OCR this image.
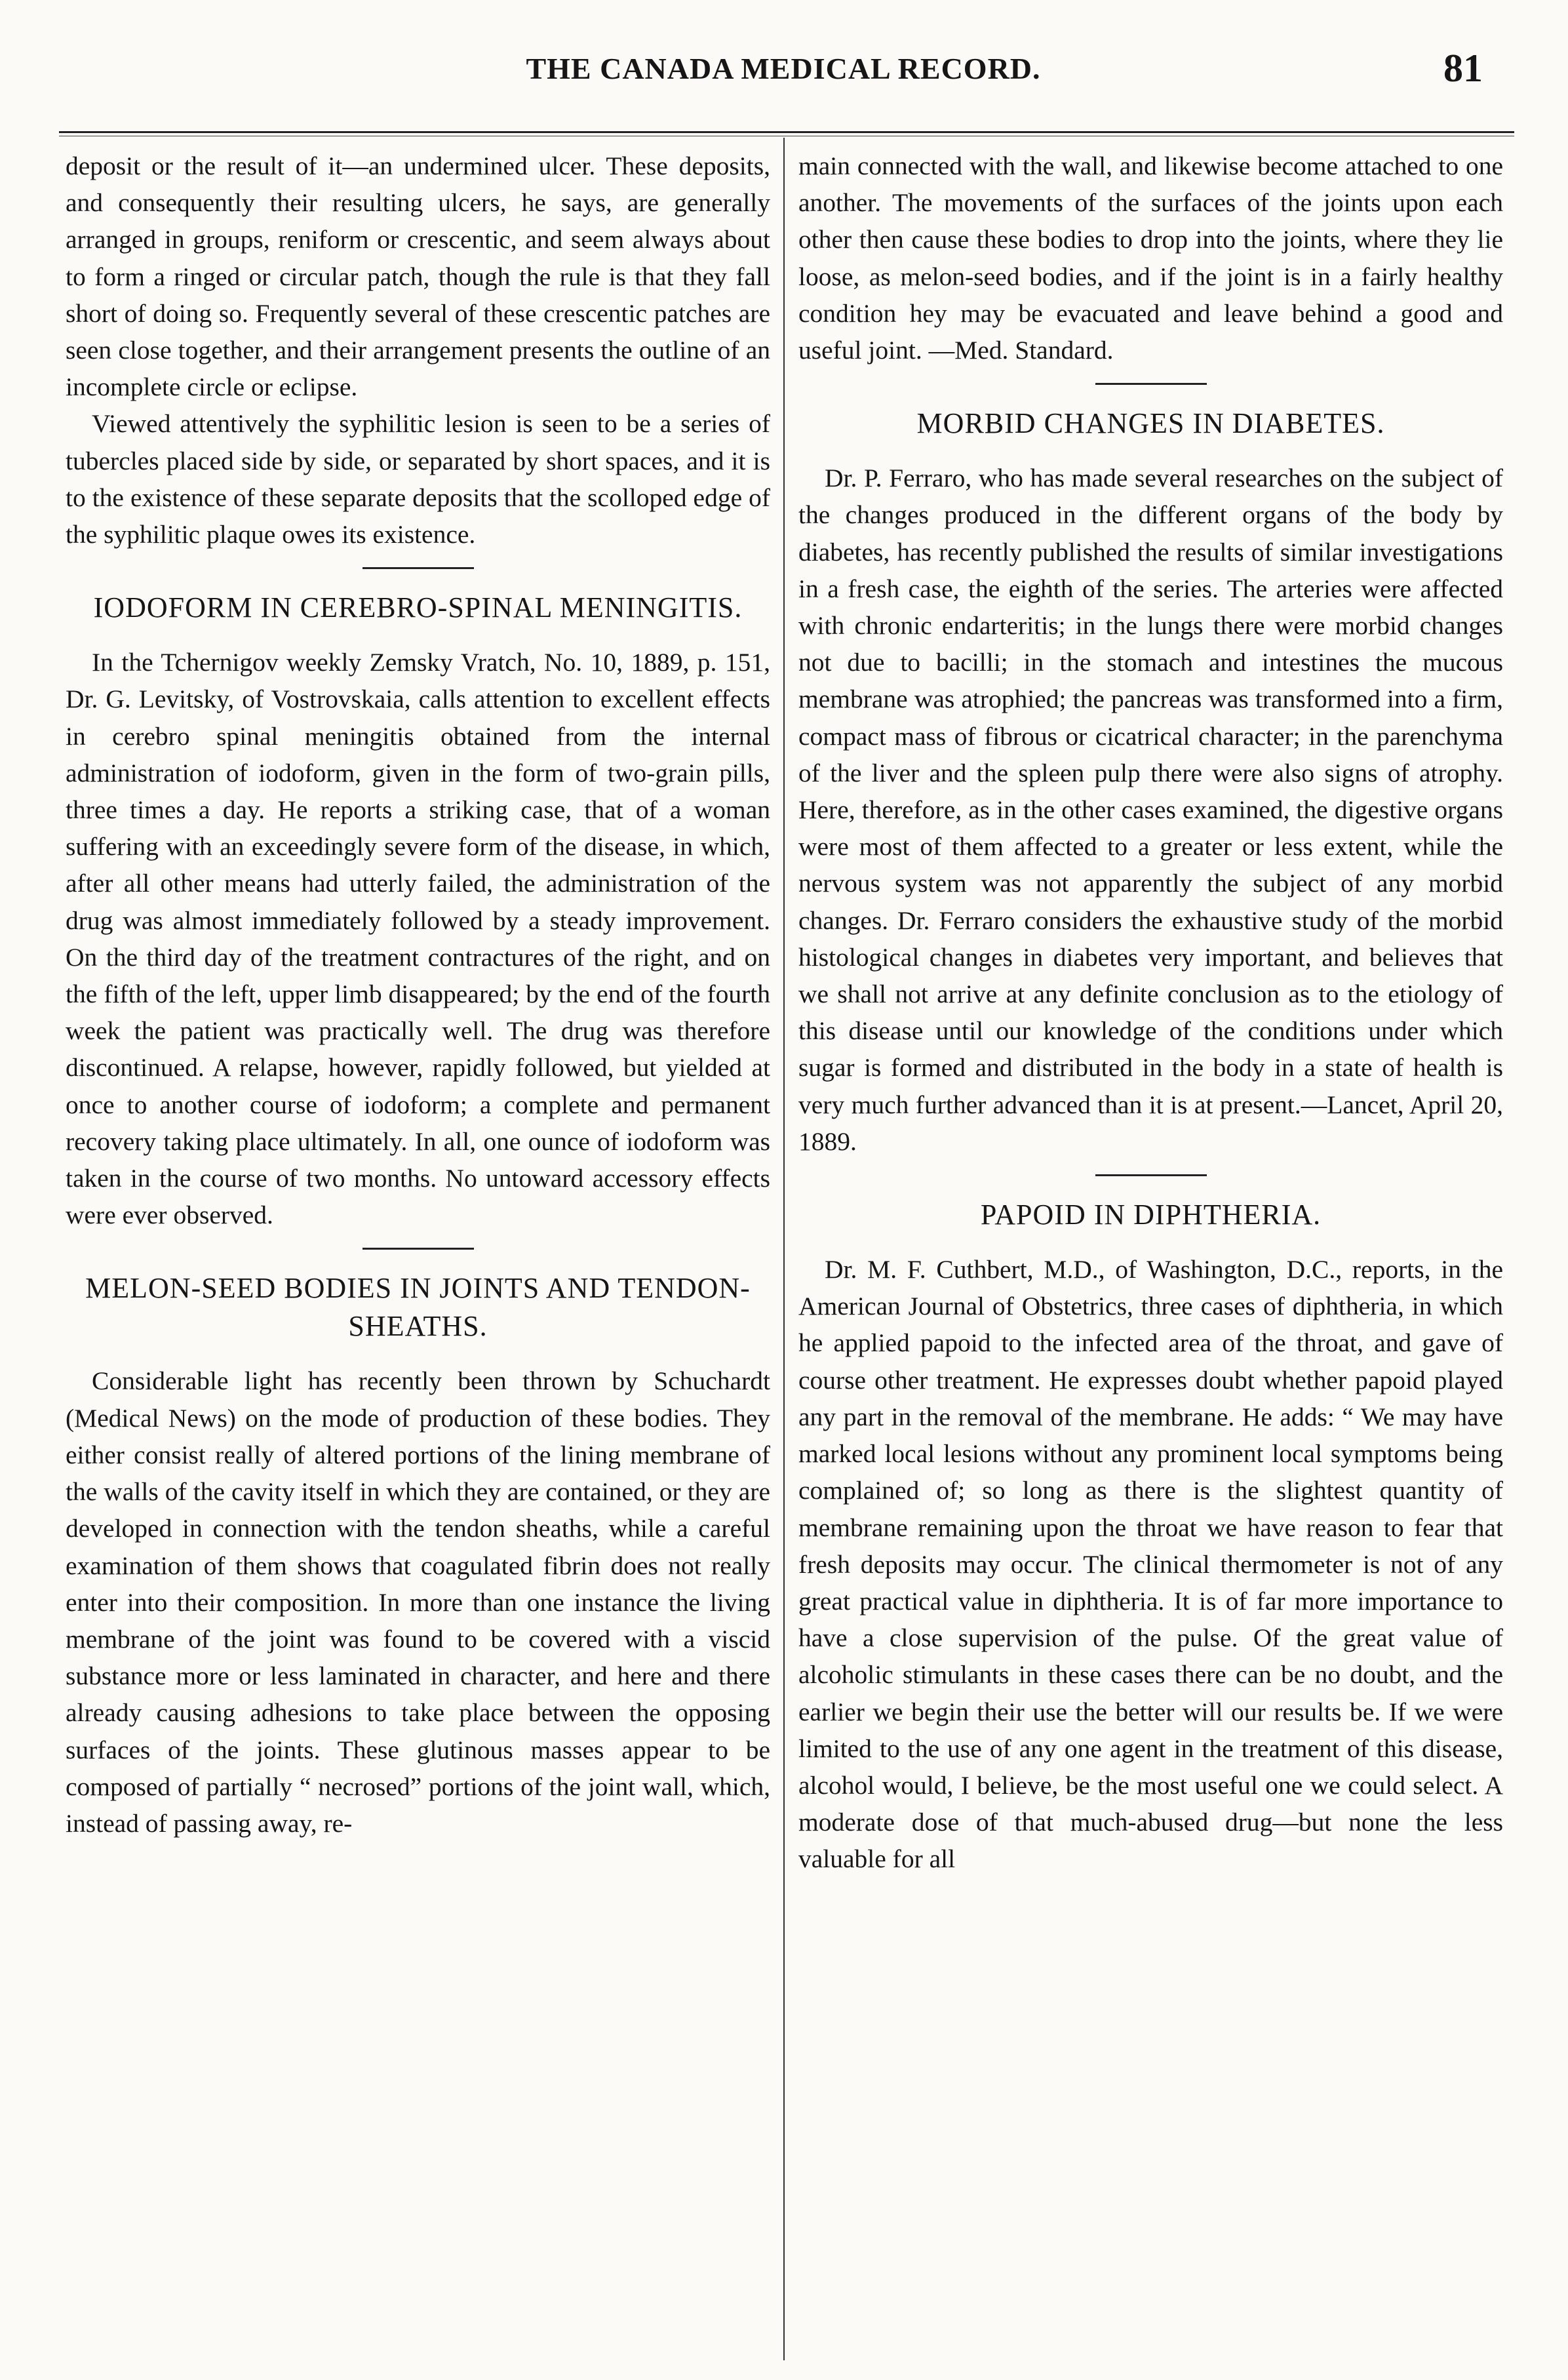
THE CANADA MEDICAL RECORD.	81

deposit or the result of it—an undermined ulcer. These deposits, and consequently their resulting ulcers, he says, are generally arranged in groups, reniform or crescentic, and seem always about to form a ringed or circular patch, though the rule is that they fall short of doing so. Frequently several of these crescentic patches are seen close together, and their arrangement presents the outline of an incomplete circle or eclipse.

Viewed attentively the syphilitic lesion is seen to be a series of tubercles placed side by side, or separated by short spaces, and it is to the existence of these separate deposits that the scolloped edge of the syphilitic plaque owes its existence.

IODOFORM IN CEREBRO-SPINAL MENINGITIS.

In the Tchernigov weekly Zemsky Vratch, No. 10, 1889, p. 151, Dr. G. Levitsky, of Vostrovskaia, calls attention to excellent effects in cerebro spinal meningitis obtained from the internal administration of iodoform, given in the form of two-grain pills, three times a day. He reports a striking case, that of a woman suffering with an exceedingly severe form of the disease, in which, after all other means had utterly failed, the administration of the drug was almost immediately followed by a steady improvement. On the third day of the treatment contractures of the right, and on the fifth of the left, upper limb disappeared; by the end of the fourth week the patient was practically well. The drug was therefore discontinued. A relapse, however, rapidly followed, but yielded at once to another course of iodoform; a complete and permanent recovery taking place ultimately. In all, one ounce of iodoform was taken in the course of two months. No untoward accessory effects were ever observed.

MELON-SEED BODIES IN JOINTS AND TENDON-SHEATHS.

Considerable light has recently been thrown by Schuchardt (Medical News) on the mode of production of these bodies. They either consist really of altered portions of the lining membrane of the walls of the cavity itself in which they are contained, or they are developed in connection with the tendon sheaths, while a careful examination of them shows that coagulated fibrin does not really enter into their composition. In more than one instance the living membrane of the joint was found to be covered with a viscid substance more or less laminated in character, and here and there already causing adhesions to take place between the opposing surfaces of the joints. These glutinous masses appear to be composed of partially “ necrosed” portions of the joint wall, which, instead of passing away, re-

main connected with the wall, and likewise become attached to one another. The movements of the surfaces of the joints upon each other then cause these bodies to drop into the joints, where they lie loose, as melon-seed bodies, and if the joint is in a fairly healthy condition hey may be evacuated and leave behind a good and useful joint. —Med. Standard.

MORBID CHANGES IN DIABETES.

Dr. P. Ferraro, who has made several researches on the subject of the changes produced in the different organs of the body by diabetes, has recently published the results of similar investigations in a fresh case, the eighth of the series. The arteries were affected with chronic endarteritis; in the lungs there were morbid changes not due to bacilli; in the stomach and intestines the mucous membrane was atrophied; the pancreas was transformed into a firm, compact mass of fibrous or cicatrical character; in the parenchyma of the liver and the spleen pulp there were also signs of atrophy. Here, therefore, as in the other cases examined, the digestive organs were most of them affected to a greater or less extent, while the nervous system was not apparently the subject of any morbid changes. Dr. Ferraro considers the exhaustive study of the morbid histological changes in diabetes very important, and believes that we shall not arrive at any definite conclusion as to the etiology of this disease until our knowledge of the conditions under which sugar is formed and distributed in the body in a state of health is very much further advanced than it is at present.—Lancet, April 20, 1889.

PAPOID IN DIPHTHERIA.

Dr. M. F. Cuthbert, M.D., of Washington, D.C., reports, in the American Journal of Obstetrics, three cases of diphtheria, in which he applied papoid to the infected area of the throat, and gave of course other treatment. He expresses doubt whether papoid played any part in the removal of the membrane. He adds: “ We may have marked local lesions without any prominent local symptoms being complained of; so long as there is the slightest quantity of membrane remaining upon the throat we have reason to fear that fresh deposits may occur. The clinical thermometer is not of any great practical value in diphtheria. It is of far more importance to have a close supervision of the pulse. Of the great value of alcoholic stimulants in these cases there can be no doubt, and the earlier we begin their use the better will our results be. If we were limited to the use of any one agent in the treatment of this disease, alcohol would, I believe, be the most useful one we could select. A moderate dose of that much-abused drug—but none the less valuable for all
